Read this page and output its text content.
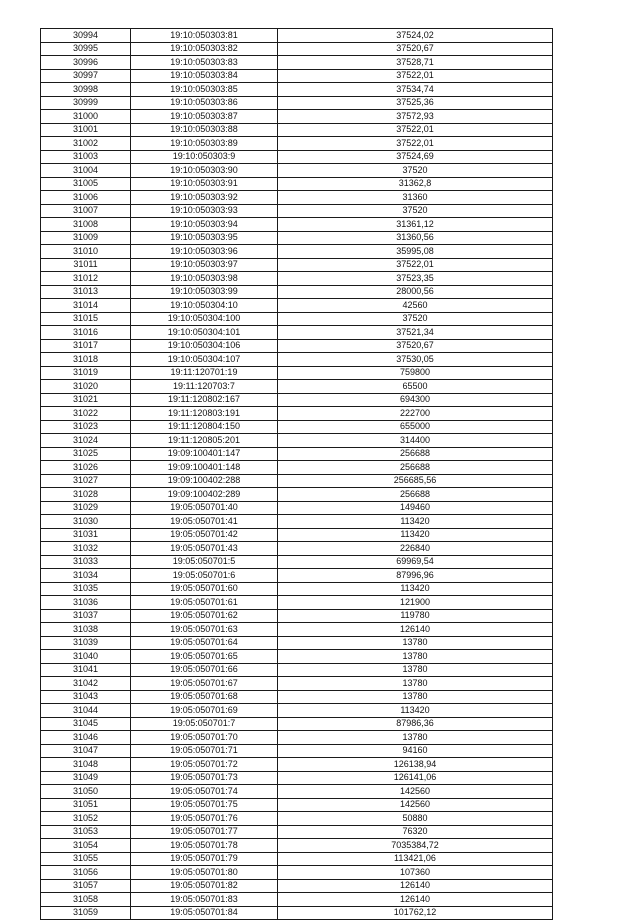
30994	19:10:050303:81	37524,02
30995	19:10:050303:82	37520,67
30996	19:10:050303:83	37528,71
30997	19:10:050303:84	37522,01
30998	19:10:050303:85	37534,74
30999	19:10:050303:86	37525,36
31000	19:10:050303:87	37572,93
31001	19:10:050303:88	37522,01
31002	19:10:050303:89	37522,01
31003	19:10:050303:9	37524,69
31004	19:10:050303:90	37520
31005	19:10:050303:91	31362,8
31006	19:10:050303:92	31360
31007	19:10:050303:93	37520
31008	19:10:050303:94	31361,12
31009	19:10:050303:95	31360,56
31010	19:10:050303:96	35995,08
31011	19:10:050303:97	37522,01
31012	19:10:050303:98	37523,35
31013	19:10:050303:99	28000,56
31014	19:10:050304:10	42560
31015	19:10:050304:100	37520
31016	19:10:050304:101	37521,34
31017	19:10:050304:106	37520,67
31018	19:10:050304:107	37530,05
31019	19:11:120701:19	759800
31020	19:11:120703:7	65500
31021	19:11:120802:167	694300
31022	19:11:120803:191	222700
31023	19:11:120804:150	655000
31024	19:11:120805:201	314400
31025	19:09:100401:147	256688
31026	19:09:100401:148	256688
31027	19:09:100402:288	256685,56
31028	19:09:100402:289	256688
31029	19:05:050701:40	149460
31030	19:05:050701:41	113420
31031	19:05:050701:42	113420
31032	19:05:050701:43	226840
31033	19:05:050701:5	69969,54
31034	19:05:050701:6	87996,96
31035	19:05:050701:60	113420
31036	19:05:050701:61	121900
31037	19:05:050701:62	119780
31038	19:05:050701:63	126140
31039	19:05:050701:64	13780
31040	19:05:050701:65	13780
31041	19:05:050701:66	13780
31042	19:05:050701:67	13780
31043	19:05:050701:68	13780
31044	19:05:050701:69	113420
31045	19:05:050701:7	87986,36
31046	19:05:050701:70	13780
31047	19:05:050701:71	94160
31048	19:05:050701:72	126138,94
31049	19:05:050701:73	126141,06
31050	19:05:050701:74	142560
31051	19:05:050701:75	142560
31052	19:05:050701:76	50880
31053	19:05:050701:77	76320
31054	19:05:050701:78	7035384,72
31055	19:05:050701:79	113421,06
31056	19:05:050701:80	107360
31057	19:05:050701:82	126140
31058	19:05:050701:83	126140
31059	19:05:050701:84	101762,12
